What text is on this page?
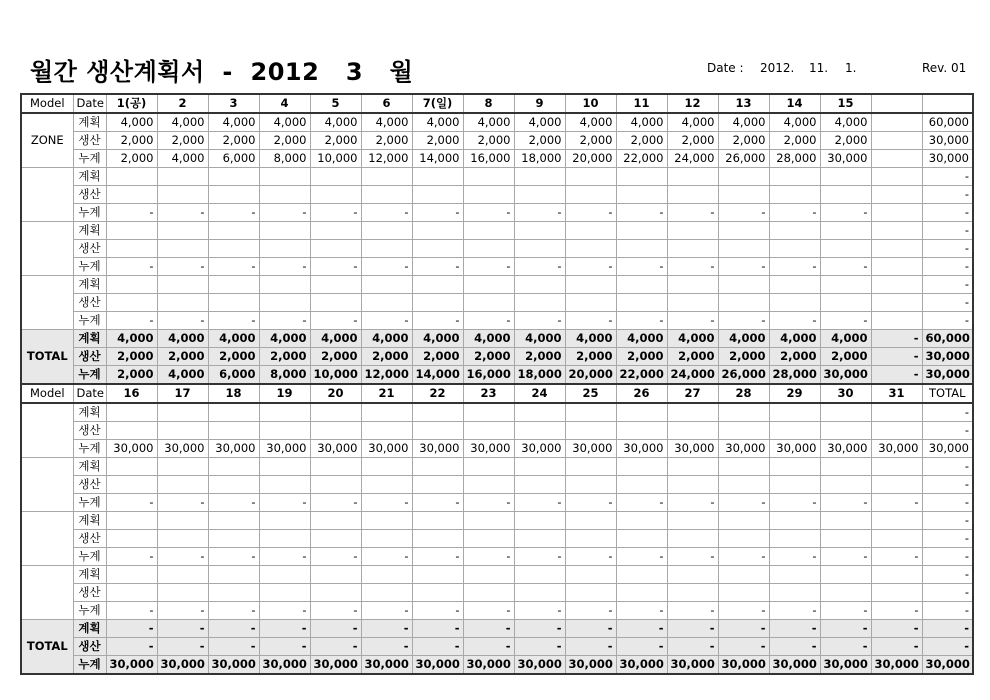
월간 생산계획서  -  2012   3   월	Date : 2012. 11. 1.	Rev. 01
Model	Date	1(공)	2	3	4	5	6	7(일)	8	9	10	11	12	13	14	15		
ZONE	계획	4,000	4,000	4,000	4,000	4,000	4,000	4,000	4,000	4,000	4,000	4,000	4,000	4,000	4,000	4,000		60,000
	생산	2,000	2,000	2,000	2,000	2,000	2,000	2,000	2,000	2,000	2,000	2,000	2,000	2,000	2,000	2,000		30,000
	누계	2,000	4,000	6,000	8,000	10,000	12,000	14,000	16,000	18,000	20,000	22,000	24,000	26,000	28,000	30,000		30,000
	계획																	-
	생산																	-
	누계	-	-	-	-	-	-	-	-	-	-	-	-	-	-	-		-
	계획																	-
	생산																	-
	누계	-	-	-	-	-	-	-	-	-	-	-	-	-	-	-		-
	계획																	-
	생산																	-
	누계	-	-	-	-	-	-	-	-	-	-	-	-	-	-	-		-
TOTAL	계획	4,000	4,000	4,000	4,000	4,000	4,000	4,000	4,000	4,000	4,000	4,000	4,000	4,000	4,000	4,000	-	60,000
	생산	2,000	2,000	2,000	2,000	2,000	2,000	2,000	2,000	2,000	2,000	2,000	2,000	2,000	2,000	2,000	-	30,000
	누계	2,000	4,000	6,000	8,000	10,000	12,000	14,000	16,000	18,000	20,000	22,000	24,000	26,000	28,000	30,000	-	30,000
Model	Date	16	17	18	19	20	21	22	23	24	25	26	27	28	29	30	31	TOTAL
	계획																	-
	생산																	-
	누계	30,000	30,000	30,000	30,000	30,000	30,000	30,000	30,000	30,000	30,000	30,000	30,000	30,000	30,000	30,000	30,000	30,000
	계획																	-
	생산																	-
	누계	-	-	-	-	-	-	-	-	-	-	-	-	-	-	-	-	-
	계획																	-
	생산																	-
	누계	-	-	-	-	-	-	-	-	-	-	-	-	-	-	-	-	-
	계획																	-
	생산																	-
	누계	-	-	-	-	-	-	-	-	-	-	-	-	-	-	-	-	-
TOTAL	계획	-	-	-	-	-	-	-	-	-	-	-	-	-	-	-	-	-
	생산	-	-	-	-	-	-	-	-	-	-	-	-	-	-	-	-	-
	누계	30,000	30,000	30,000	30,000	30,000	30,000	30,000	30,000	30,000	30,000	30,000	30,000	30,000	30,000	30,000	30,000	30,000
